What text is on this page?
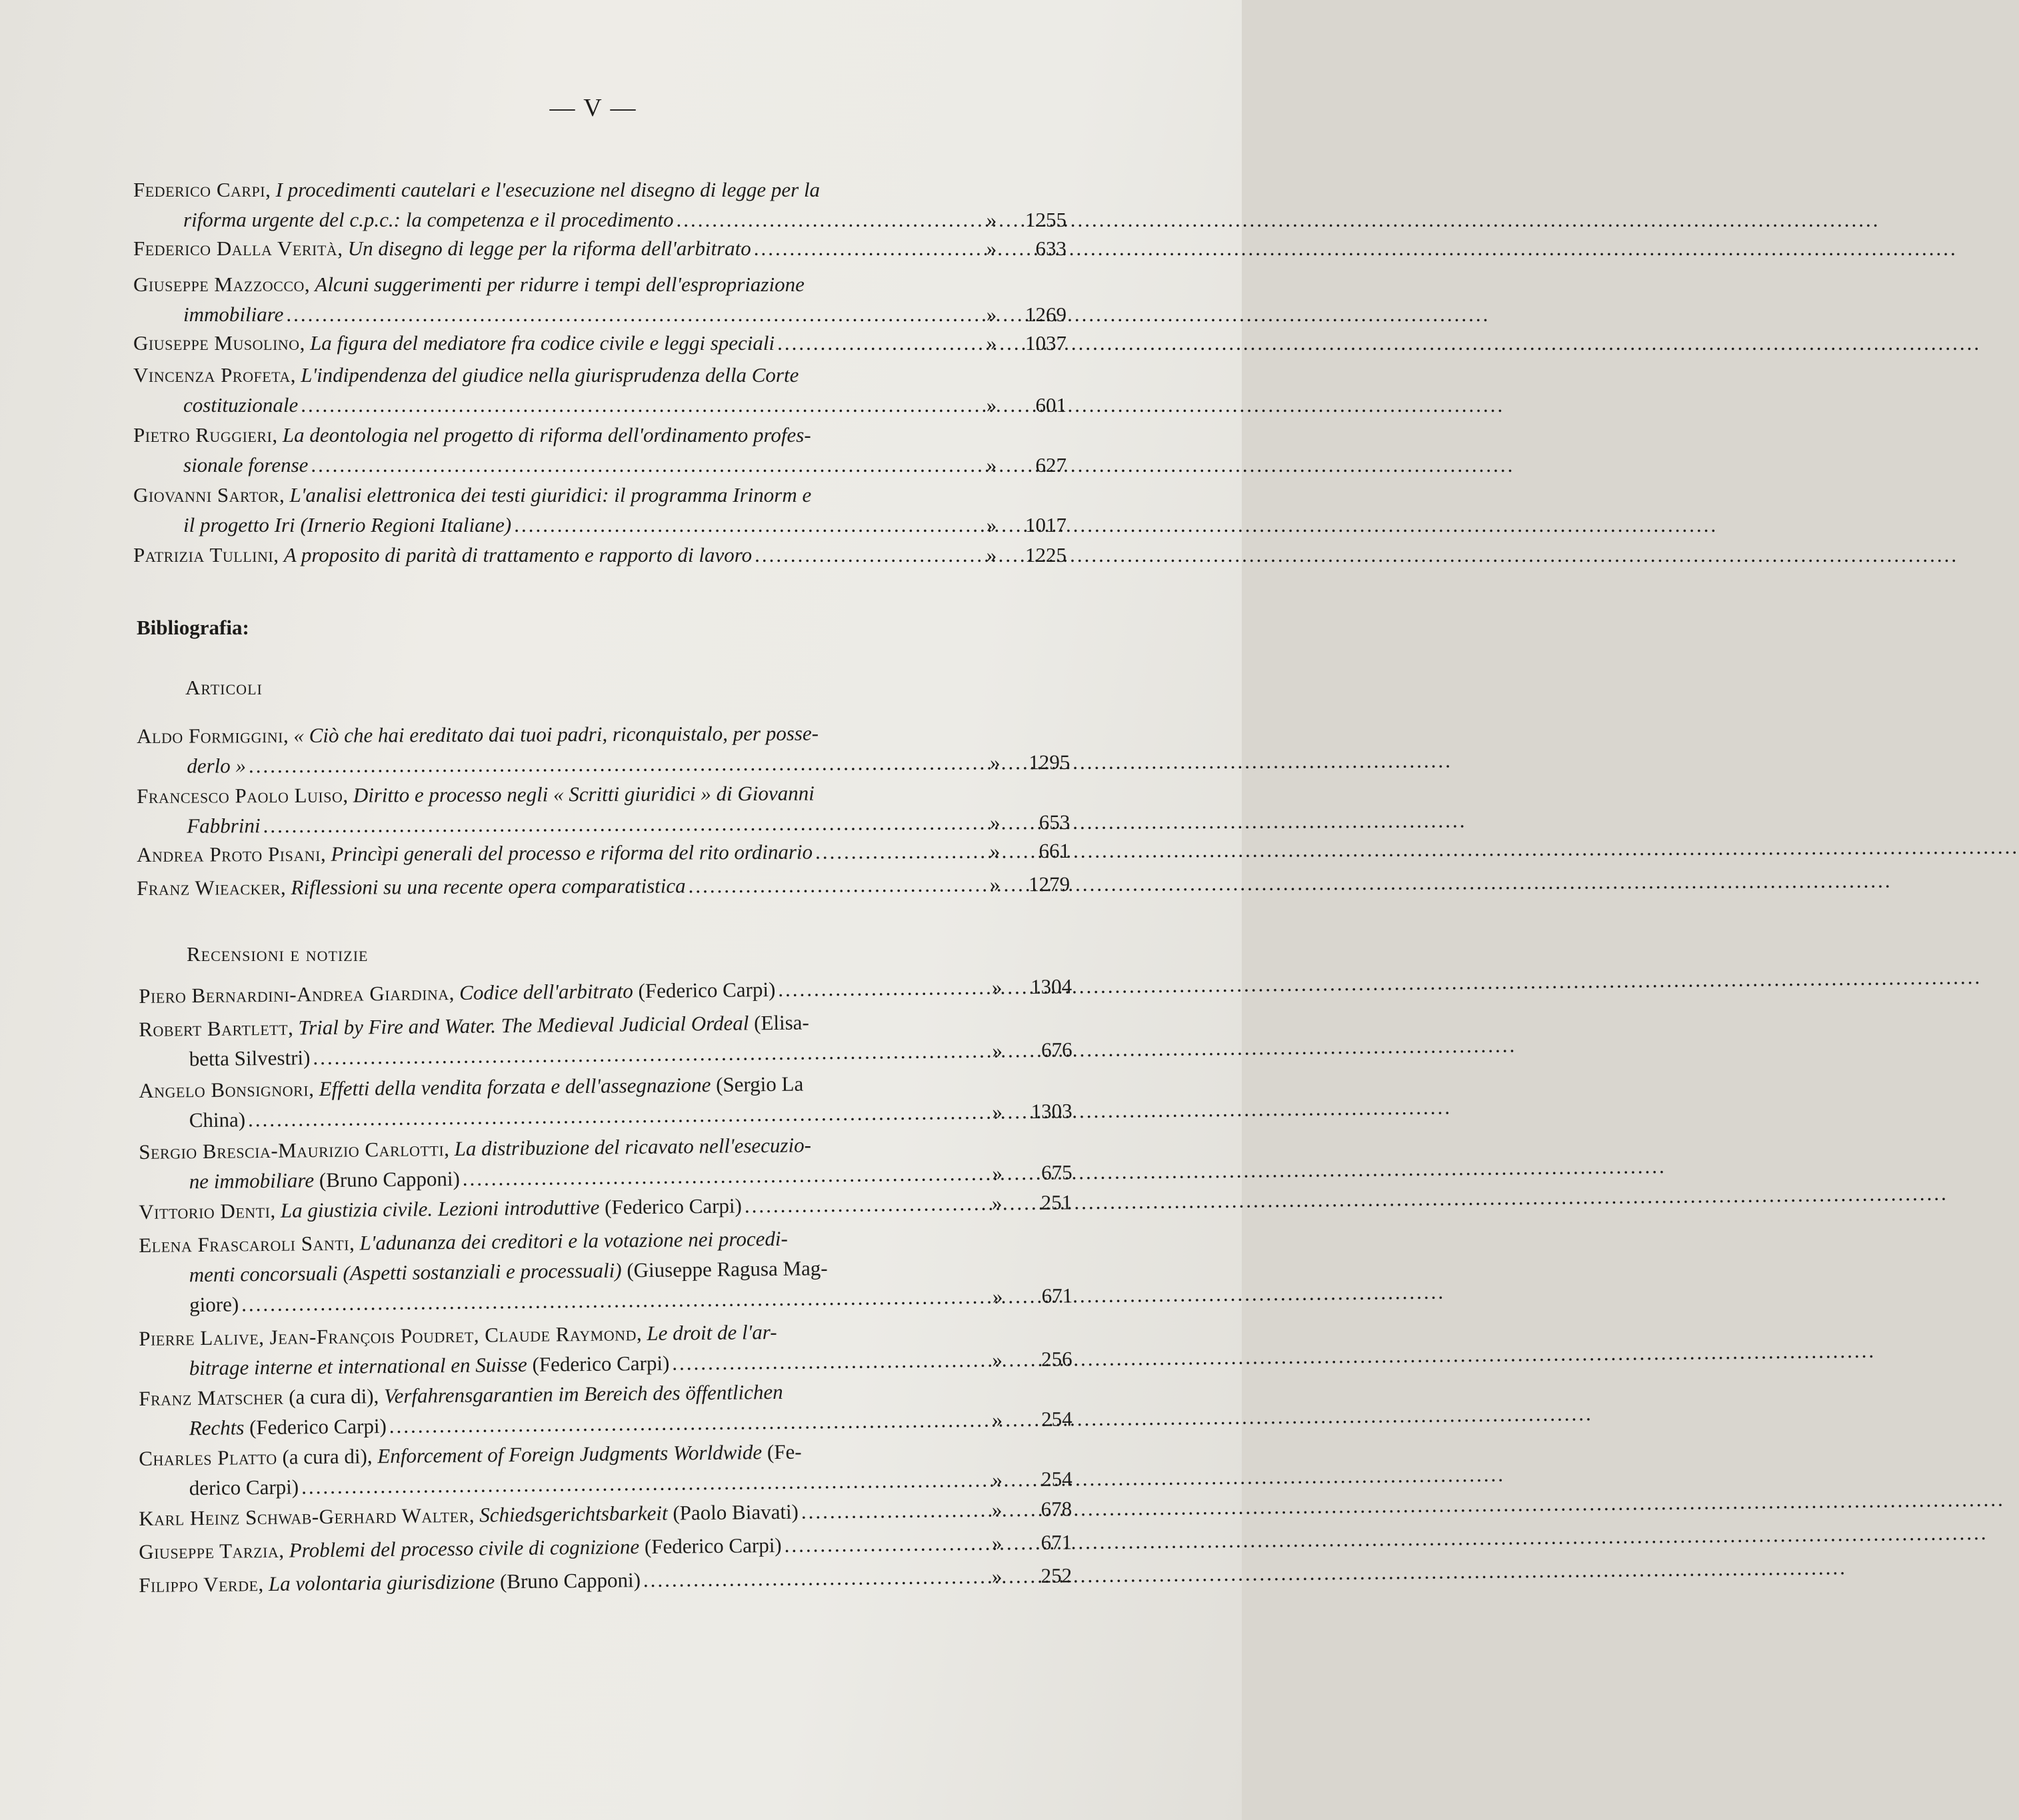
— V —
Federico Carpi, I procedimenti cautelari e l'esecuzione nel disegno di legge per la
riforma urgente del c.p.c.: la competenza e il procedimento .....	»	1255
Federico Dalla Verità, Un disegno di legge per la riforma dell'arbitrato .....	»	633
Giuseppe Mazzocco, Alcuni suggerimenti per ridurre i tempi dell'espropriazione
immobiliare .....	»	1269
Giuseppe Musolino, La figura del mediatore fra codice civile e leggi speciali .....	»	1037
Vincenza Profeta, L'indipendenza del giudice nella giurisprudenza della Corte
costituzionale .....	»	601
Pietro Ruggieri, La deontologia nel progetto di riforma dell'ordinamento profes-
sionale forense .....	»	627
Giovanni Sartor, L'analisi elettronica dei testi giuridici: il programma Irinorm e
il progetto Iri (Irnerio Regioni Italiane) .....	»	1017
Patrizia Tullini, A proposito di parità di trattamento e rapporto di lavoro .....	»	1225
Bibliografia:
Articoli
Aldo Formiggini, « Ciò che hai ereditato dai tuoi padri, riconquistalo, per posse-
derlo » .....	»	1295
Francesco Paolo Luiso, Diritto e processo negli « Scritti giuridici » di Giovanni
Fabbrini .....	»	653
Andrea Proto Pisani, Princìpi generali del processo e riforma del rito ordinario .....	»	661
Franz Wieacker, Riflessioni su una recente opera comparatistica .....	»	1279
Recensioni e notizie
Piero Bernardini-Andrea Giardina, Codice dell'arbitrato (Federico Carpi) .....	»	1304
Robert Bartlett, Trial by Fire and Water. The Medieval Judicial Ordeal (Elisa-
betta Silvestri) .....	»	676
Angelo Bonsignori, Effetti della vendita forzata e dell'assegnazione (Sergio La
China) .....	»	1303
Sergio Brescia-Maurizio Carlotti, La distribuzione del ricavato nell'esecuzio-
ne immobiliare (Bruno Capponi) .....	»	675
Vittorio Denti, La giustizia civile. Lezioni introduttive (Federico Carpi) .....	»	251
Elena Frascaroli Santi, L'adunanza dei creditori e la votazione nei procedi-
menti concorsuali (Aspetti sostanziali e processuali) (Giuseppe Ragusa Mag-
giore) .....	»	671
Pierre Lalive, Jean-François Poudret, Claude Raymond, Le droit de l'ar-
bitrage interne et international en Suisse (Federico Carpi) .....	»	256
Franz Matscher (a cura di), Verfahrensgarantien im Bereich des öffentlichen
Rechts (Federico Carpi) .....	»	254
Charles Platto (a cura di), Enforcement of Foreign Judgments Worldwide (Fe-
derico Carpi) .....	»	254
Karl Heinz Schwab-Gerhard Walter, Schiedsgerichtsbarkeit (Paolo Biavati) .....	»	678
Giuseppe Tarzia, Problemi del processo civile di cognizione (Federico Carpi) .....	»	671
Filippo Verde, La volontaria giurisdizione (Bruno Capponi) .....	»	252
